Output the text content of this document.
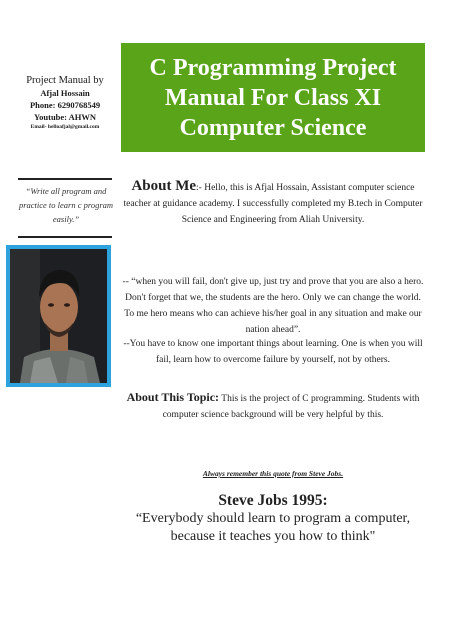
Project Manual by
Afjal Hossain
Phone: 6290768549
Youtube: AHWN
Email- helloafjal@gmail.com
“Write all program and practice to learn c program easily.”
C Programming Project
Manual For Class XI
Computer Science
About Me:- Hello, this is Afjal Hossain, Assistant computer science teacher at guidance academy. I successfully completed my B.tech in Computer Science and Engineering from Aliah University.
-- “when you will fail, don't give up, just try and prove that you are also a hero. Don't forget that we, the students are the hero. Only we can change the world. To me hero means who can achieve his/her goal in any situation and make our nation ahead”.
--You have to know one important things about learning. One is when you will fail, learn how to overcome failure by yourself, not by others.
About This Topic: This is the project of C programming. Students with computer science background will be very helpful by this.
Always remember this quote from Steve Jobs.
Steve Jobs 1995:
“Everybody should learn to program a computer, because it teaches you how to think"
